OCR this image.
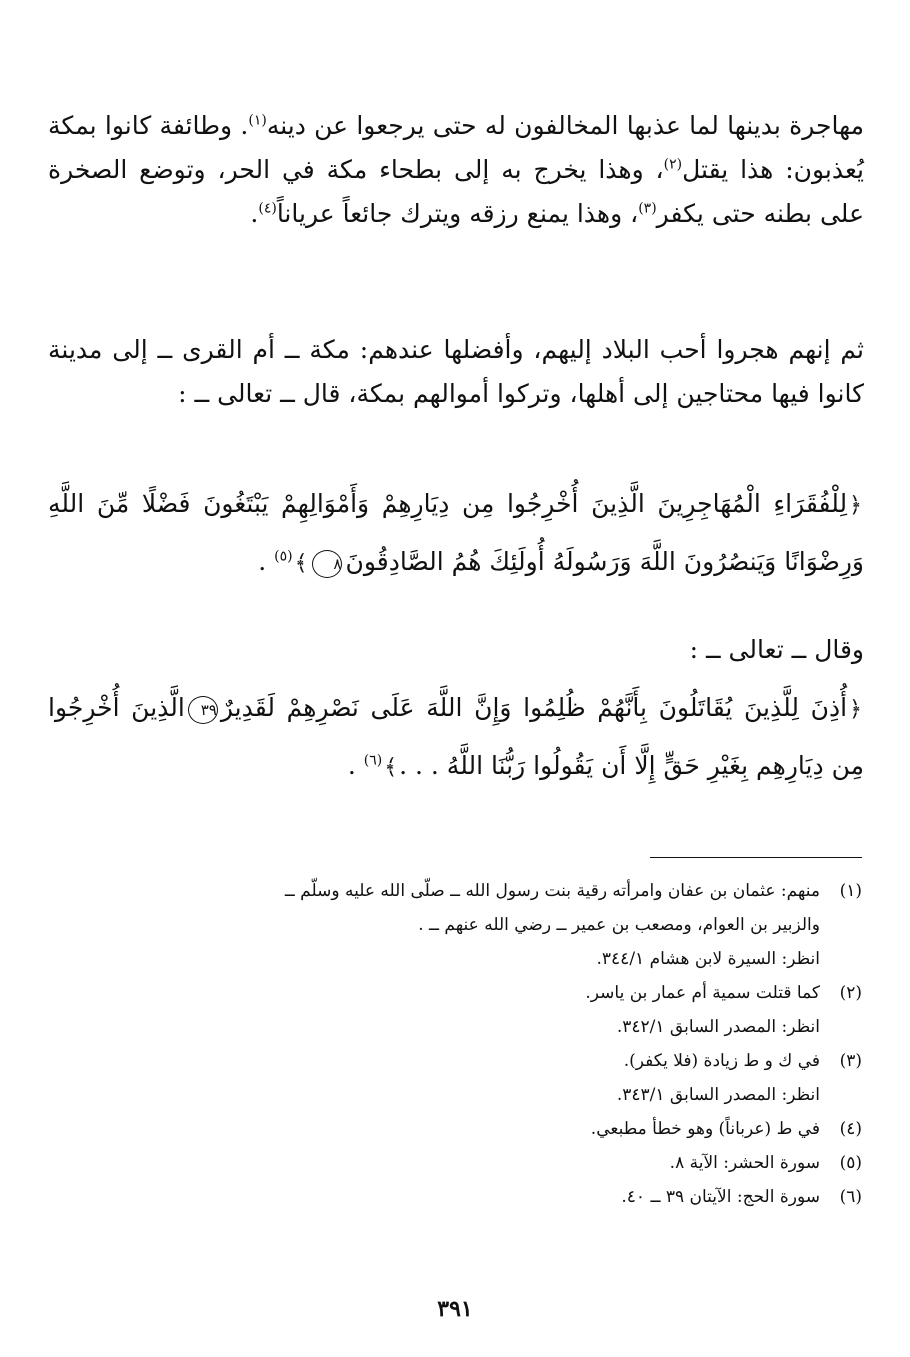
مهاجرة بدينها لما عذبها المخالفون له حتى يرجعوا عن دينه$^{(١)}$. وطائفة كانوا بمكة يُعذبون: هذا يقتل$^{(٢)}$، وهذا يخرج به إلى بطحاء مكة في الحر، وتوضع الصخرة على بطنه حتى يكفر$^{(٣)}$، وهذا يمنع رزقه ويترك جائعاً عرياناً$^{(٤)}$.
ثم إنهم هجروا أحب البلاد إليهم، وأفضلها عندهم: مكة ــ أم القرى ــ إلى مدينة كانوا فيها محتاجين إلى أهلها، وتركوا أموالهم بمكة، قال ــ تعالى ــ :
﴿لِلْفُقَرَاءِ الْمُهَاجِرِينَ الَّذِينَ أُخْرِجُوا مِن دِيَارِهِمْ وَأَمْوَالِهِمْ يَبْتَغُونَ فَضْلًا مِّنَ اللَّهِ وَرِضْوَانًا وَيَنصُرُونَ اللَّهَ وَرَسُولَهُ أُولَئِكَ هُمُ الصَّادِقُونَ٨﴾$^{(٥)}$ .
وقال ــ تعالى ــ :
﴿أُذِنَ لِلَّذِينَ يُقَاتَلُونَ بِأَنَّهُمْ ظُلِمُوا وَإِنَّ اللَّهَ عَلَى نَصْرِهِمْ لَقَدِيرٌ٣٩الَّذِينَ أُخْرِجُوا مِن دِيَارِهِم بِغَيْرِ حَقٍّ إِلَّا أَن يَقُولُوا رَبُّنَا اللَّهُ . . .﴾$^{(٦)}$ .
(١)
منهم: عثمان بن عفان وامرأته رقية بنت رسول الله ــ صلّى الله عليه وسلّم ــ
والزبير بن العوام، ومصعب بن عمير ــ رضي الله عنهم ــ .
انظر: السيرة لابن هشام ٣٤٤/١.
(٢)
كما قتلت سمية أم عمار بن ياسر.
انظر: المصدر السابق ٣٤٢/١.
(٣)
في ك و ط زيادة (فلا يكفر).
انظر: المصدر السابق ٣٤٣/١.
(٤)
في ط (عرباناً) وهو خطأ مطبعي.
(٥)
سورة الحشر: الآية ٨.
(٦)
سورة الحج: الآيتان ٣٩ ــ ٤٠.
٣٩١
